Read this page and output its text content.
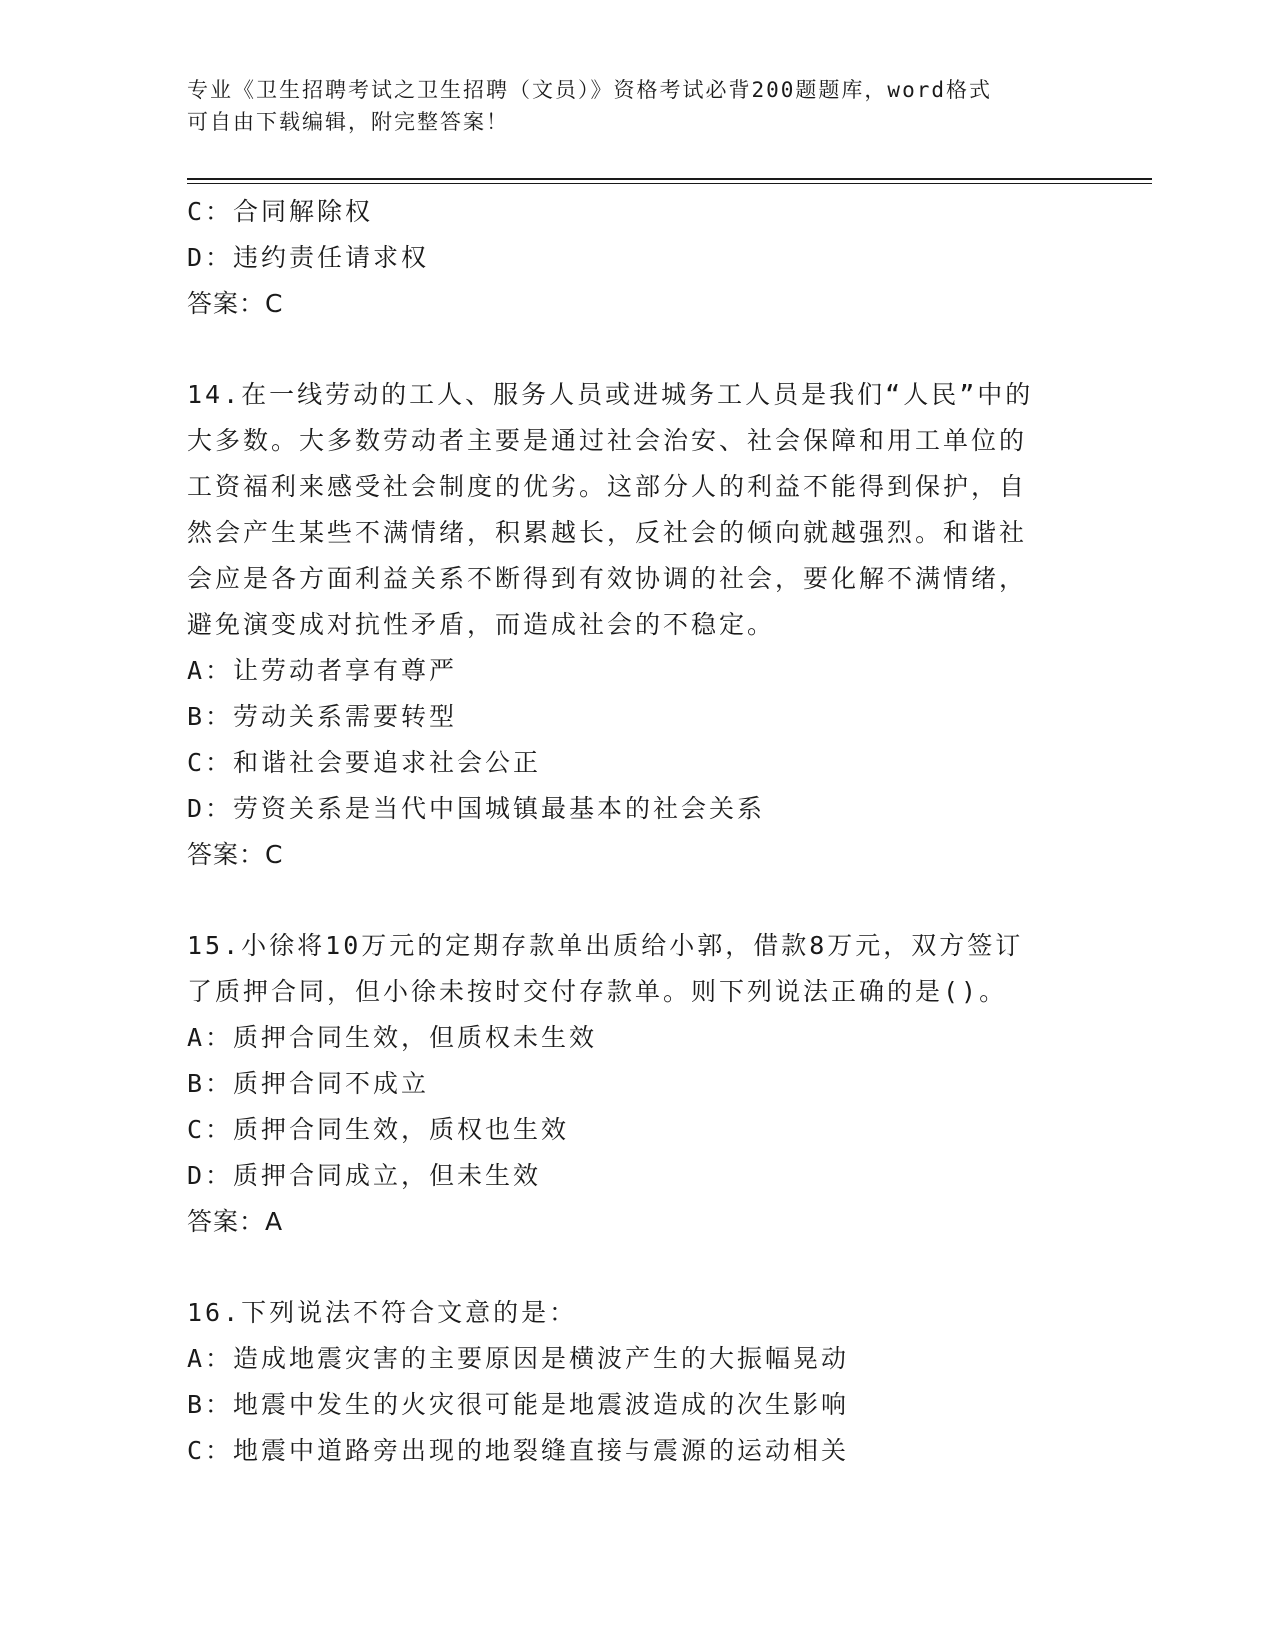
专业《卫生招聘考试之卫生招聘（文员）》资格考试必背200题题库，word格式
可自由下载编辑，附完整答案！
C：合同解除权
D：违约责任请求权
答案：C
14.在一线劳动的工人、服务人员或进城务工人员是我们“人民”中的
大多数。大多数劳动者主要是通过社会治安、社会保障和用工单位的
工资福利来感受社会制度的优劣。这部分人的利益不能得到保护，自
然会产生某些不满情绪，积累越长，反社会的倾向就越强烈。和谐社
会应是各方面利益关系不断得到有效协调的社会，要化解不满情绪，
避免演变成对抗性矛盾，而造成社会的不稳定。
A：让劳动者享有尊严
B：劳动关系需要转型
C：和谐社会要追求社会公正
D：劳资关系是当代中国城镇最基本的社会关系
答案：C
15.小徐将10万元的定期存款单出质给小郭，借款8万元，双方签订
了质押合同，但小徐未按时交付存款单。则下列说法正确的是()。
A：质押合同生效，但质权未生效
B：质押合同不成立
C：质押合同生效，质权也生效
D：质押合同成立，但未生效
答案：A
16.下列说法不符合文意的是：
A：造成地震灾害的主要原因是横波产生的大振幅晃动
B：地震中发生的火灾很可能是地震波造成的次生影响
C：地震中道路旁出现的地裂缝直接与震源的运动相关
